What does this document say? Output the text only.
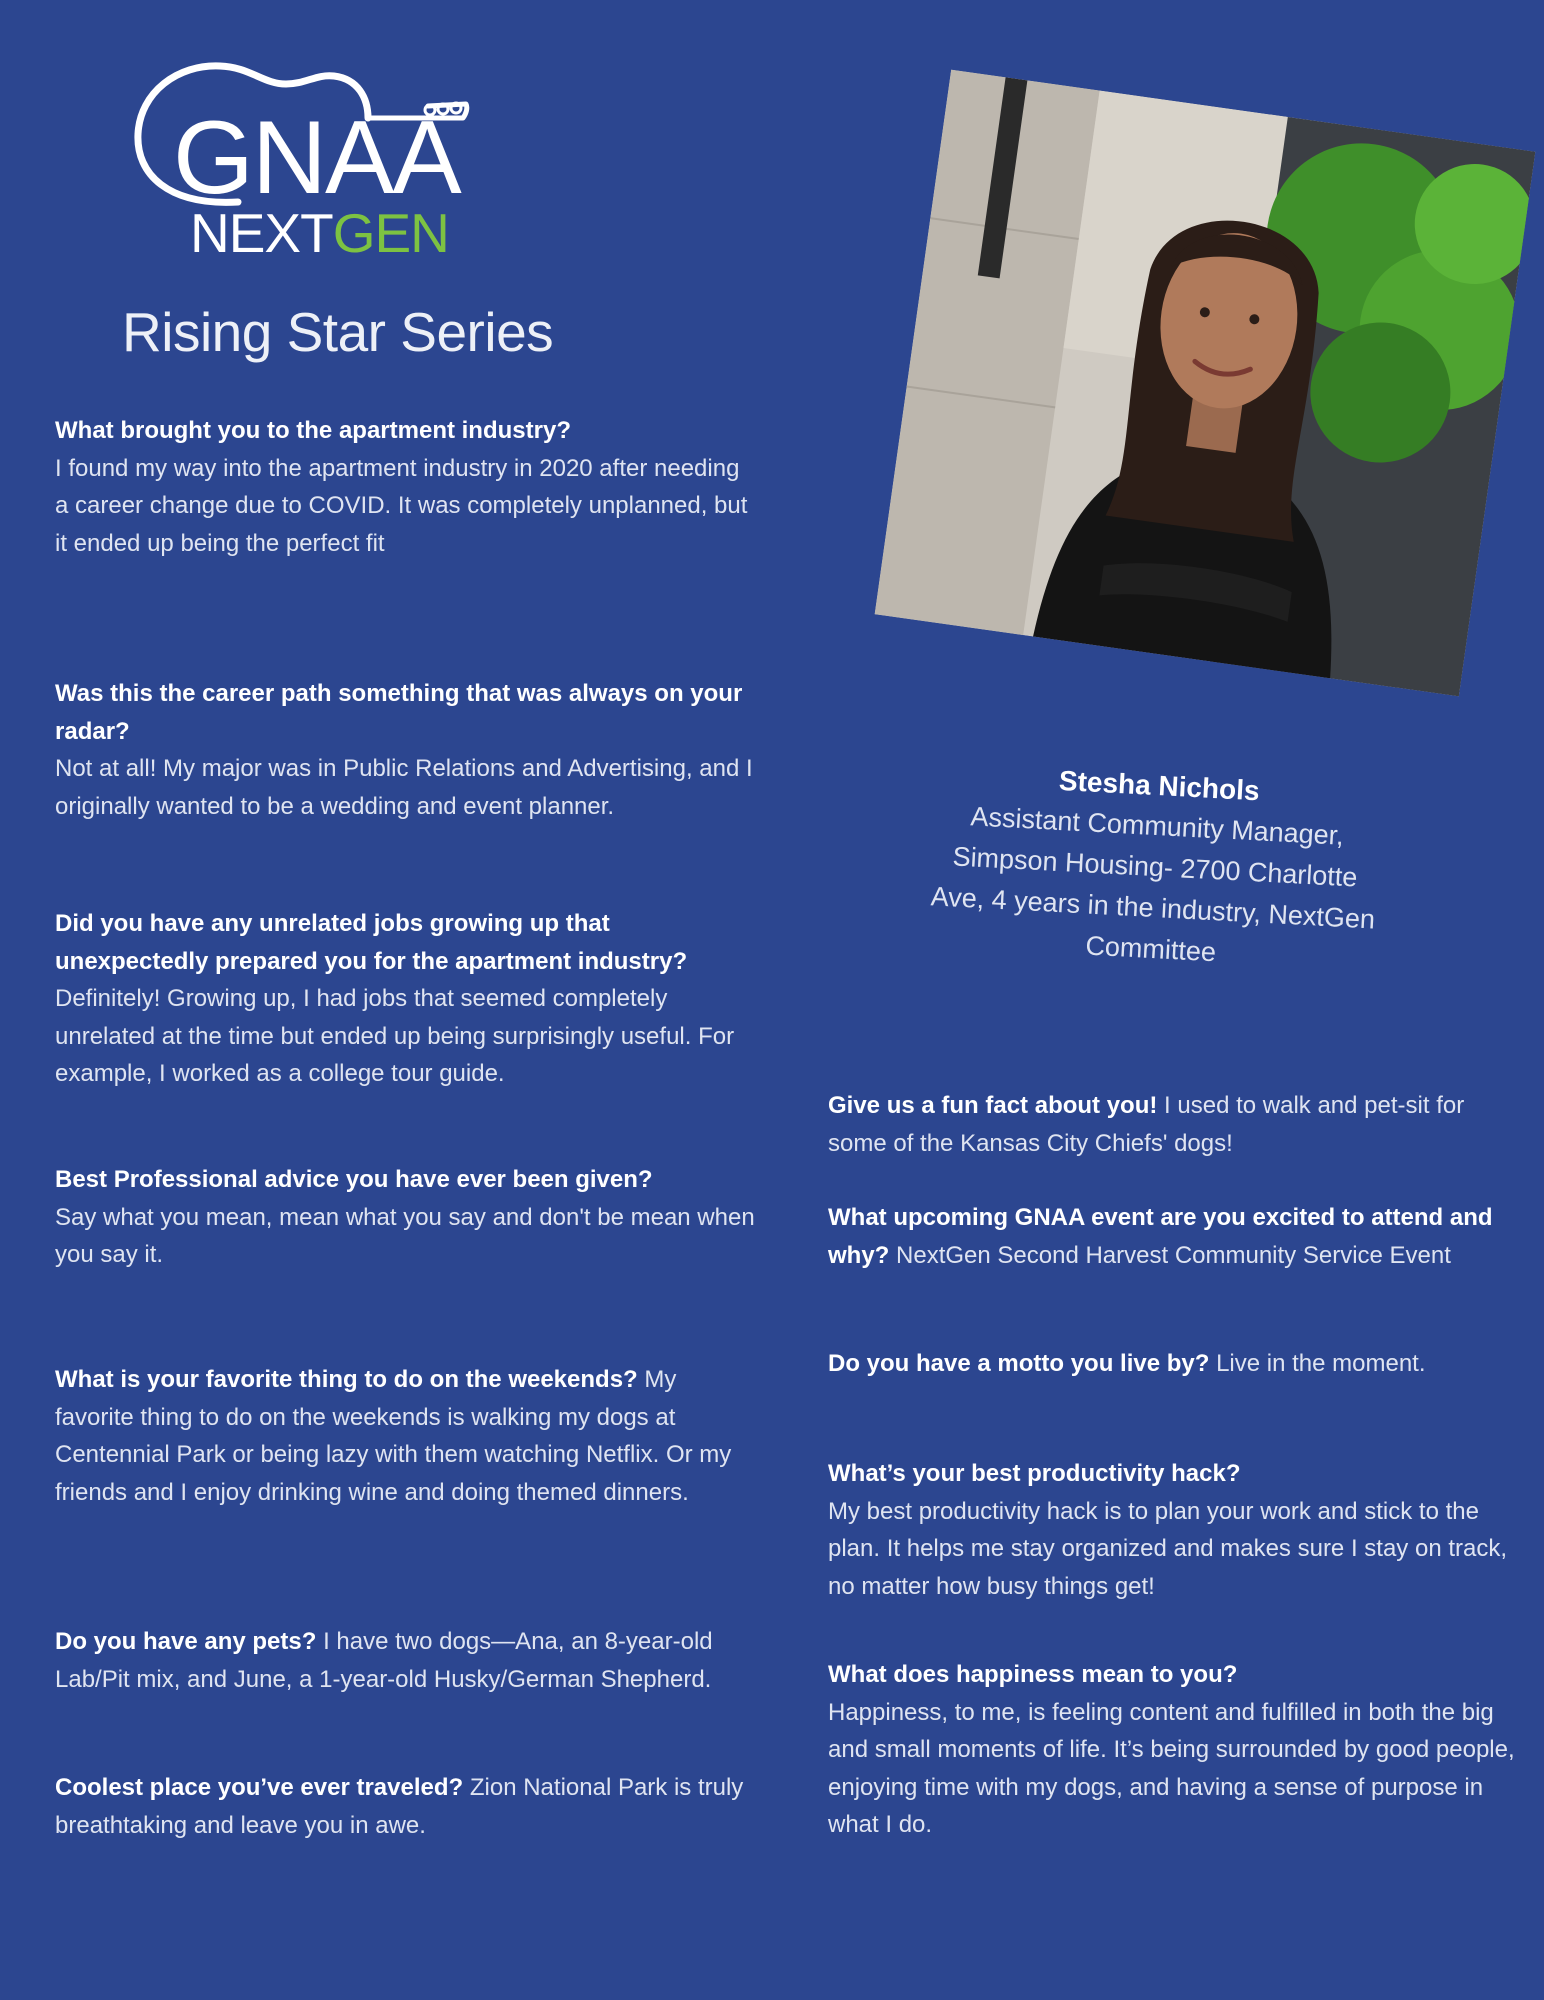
GNAA
NEXTGEN
Rising Star Series
What brought you to the apartment industry?
I found my way into the apartment industry in 2020 after needing a career change due to COVID. It was completely unplanned, but it ended up being the perfect fit
Was this the career path something that was always on your radar?
Not at all! My major was in Public Relations and Advertising, and I originally wanted to be a wedding and event planner.
Did you have any unrelated jobs growing up that unexpectedly prepared you for the apartment industry?
Definitely! Growing up, I had jobs that seemed completely unrelated at the time but ended up being surprisingly useful. For example, I worked as a college tour guide.
Best Professional advice you have ever been given?
Say what you mean, mean what you say and don't be mean when you say it.
What is your favorite thing to do on the weekends? My favorite thing to do on the weekends is walking my dogs at Centennial Park or being lazy with them watching Netflix. Or my friends and I enjoy drinking wine and doing themed dinners.
Do you have any pets? I have two dogs—Ana, an 8-year-old Lab/Pit mix, and June, a 1-year-old Husky/German Shepherd.
Coolest place you’ve ever traveled? Zion National Park is truly breathtaking and leave you in awe.
Stesha Nichols
Assistant Community Manager, Simpson Housing- 2700 Charlotte Ave, 4 years in the industry, NextGen Committee
Give us a fun fact about you! I used to walk and pet-sit for some of the Kansas City Chiefs' dogs!
What upcoming GNAA event are you excited to attend and why? NextGen Second Harvest Community Service Event
Do you have a motto you live by? Live in the moment.
What’s your best productivity hack?
My best productivity hack is to plan your work and stick to the plan. It helps me stay organized and makes sure I stay on track, no matter how busy things get!
What does happiness mean to you?
Happiness, to me, is feeling content and fulfilled in both the big and small moments of life. It’s being surrounded by good people, enjoying time with my dogs, and having a sense of purpose in what I do.
